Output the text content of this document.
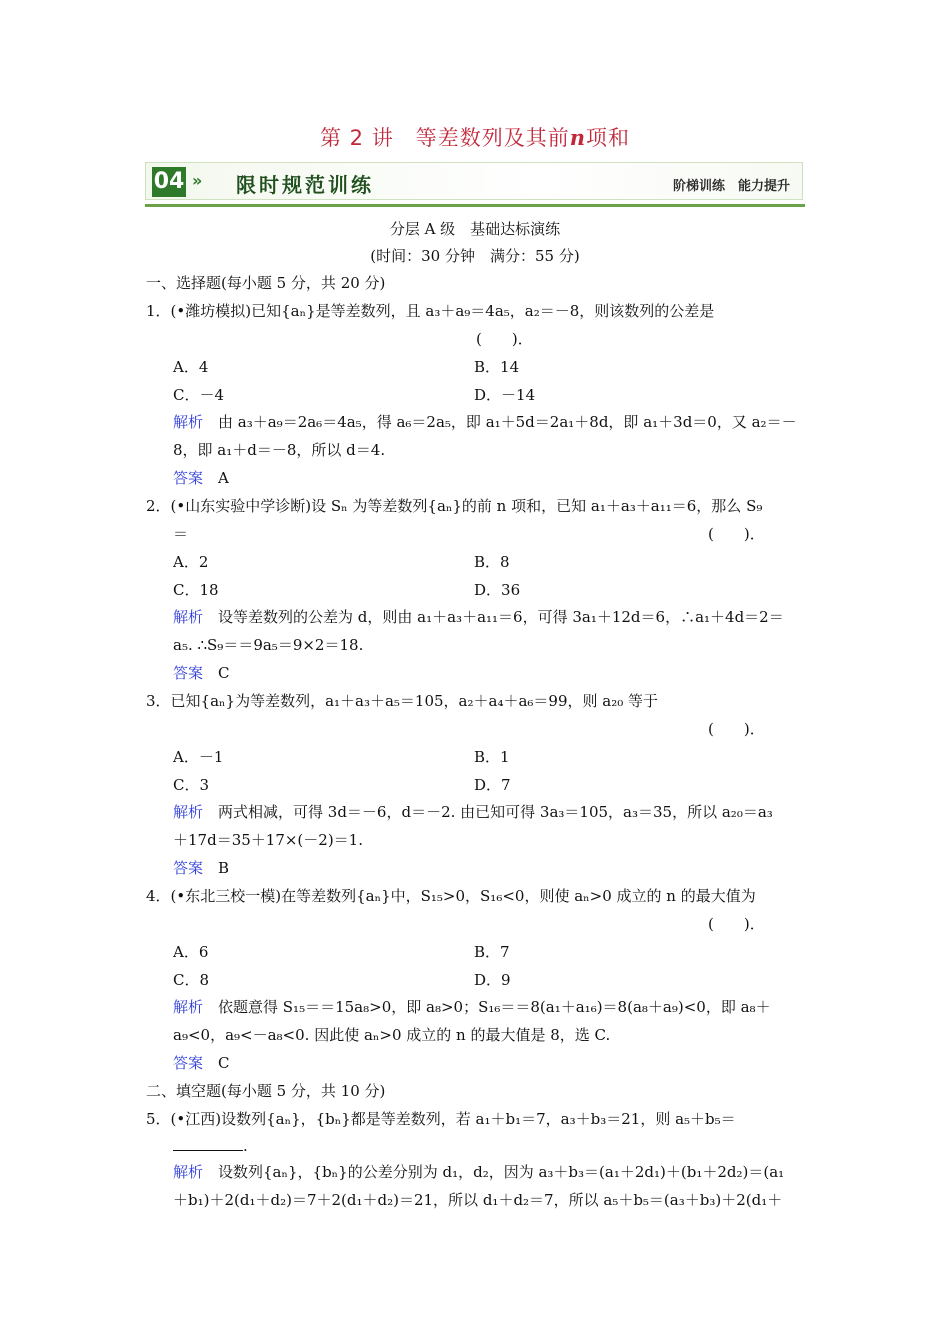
第 2 讲　等差数列及其前n项和
04 » 限时规范训练	阶梯训练　能力提升
分层 A 级　基础达标演练
(时间：30 分钟　满分：55 分)
一、选择题(每小题 5 分，共 20 分)
1．(•潍坊模拟)已知{aₙ}是等差数列，且 a₃＋a₉＝4a₅，a₂＝－8，则该数列的公差是
(　　)．
A．4	B．14
C．－4	D．－14
解析　由 a₃＋a₉＝2a₆＝4a₅，得 a₆＝2a₅，即 a₁＋5d＝2a₁＋8d，即 a₁＋3d＝0，又 a₂＝－
8，即 a₁＋d＝－8，所以 d＝4.
答案　A
2．(•山东实验中学诊断)设 Sₙ 为等差数列{aₙ}的前 n 项和，已知 a₁＋a₃＋a₁₁＝6，那么 S₉
＝	(　　)．
A．2	B．8
C．18	D．36
解析　设等差数列的公差为 d，则由 a₁＋a₃＋a₁₁＝6，可得 3a₁＋12d＝6，∴a₁＋4d＝2＝
a₅. ∴S₉＝＝9a₅＝9×2＝18.
答案　C
3．已知{aₙ}为等差数列，a₁＋a₃＋a₅＝105，a₂＋a₄＋a₆＝99，则 a₂₀ 等于
(　　)．
A．－1	B．1
C．3	D．7
解析　两式相减，可得 3d＝－6，d＝－2. 由已知可得 3a₃＝105，a₃＝35，所以 a₂₀＝a₃
＋17d＝35＋17×(－2)＝1.
答案　B
4．(•东北三校一模)在等差数列{aₙ}中，S₁₅>0，S₁₆<0，则使 aₙ>0 成立的 n 的最大值为
(　　)．
A．6	B．7
C．8	D．9
解析　依题意得 S₁₅＝＝15a₈>0，即 a₈>0；S₁₆＝＝8(a₁＋a₁₆)＝8(a₈＋a₉)<0，即 a₈＋
a₉<0，a₉<－a₈<0. 因此使 aₙ>0 成立的 n 的最大值是 8，选 C.
答案　C
二、填空题(每小题 5 分，共 10 分)
5．(•江西)设数列{aₙ}，{bₙ}都是等差数列，若 a₁＋b₁＝7，a₃＋b₃＝21，则 a₅＋b₅＝
.
解析　设数列{aₙ}，{bₙ}的公差分别为 d₁，d₂，因为 a₃＋b₃＝(a₁＋2d₁)＋(b₁＋2d₂)＝(a₁
＋b₁)＋2(d₁＋d₂)＝7＋2(d₁＋d₂)＝21，所以 d₁＋d₂＝7，所以 a₅＋b₅＝(a₃＋b₃)＋2(d₁＋
